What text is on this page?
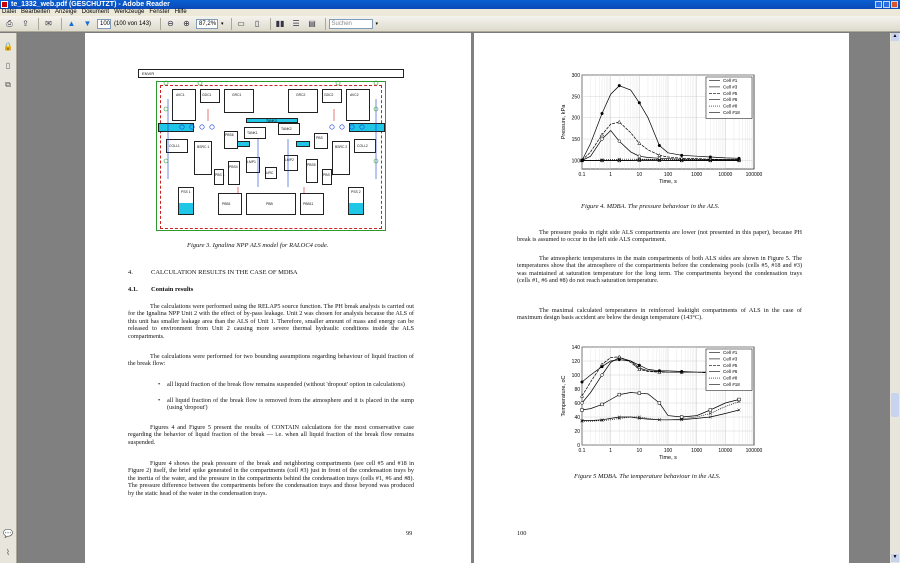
te_1332_web.pdf (GESCHÜTZT) - Adobe Reader
Datei Bearbeiten Anzeige Dokument Werkzeuge Fenster Hilfe
⎙	⇪	✉	▲	▼	100 (100 von 143)	⊖	⊕	87,2% ▾	▭	▯	▮▮	☰	▤	Suchen	▾
🔒
▯
⧉
💬
⌇
ENVIR
AVC1	GDC1	GRC1	GRC2	GDC2	AVC2
TANK3
TANK1
TANK2
COLL1	COLL2
BSRC 1	BSRC 2
PBS6
PBS4
PBS
PBS5
LMP1	LMP2
URC
PBS 1	PBS 2
PBB1	PBB	PBB11
PSS 1	PSS 2
Figure 3. Ignalina NPP ALS model for RALOC4 code.
4.	CALCULATION RESULTS IN THE CASE OF MDBA
4.1. Contain results
The calculations were performed using the RELAP5 source function. The PH break analysis is carried out for the Ignalina NPP Unit 2 with the effect of by-pass leakage. Unit 2 was chosen for analysis because the ALS of this unit has smaller leakage area than the ALS of Unit 1. Therefore, smaller amount of mass and energy can be released to environment from Unit 2 causing more severe thermal hydraulic conditions inside the ALS compartments.
The calculations were performed for two bounding assumptions regarding behaviour of liquid fraction of the break flow:
• all liquid fraction of the break flow remains suspended (without 'dropout' option in calculations)
• all liquid fraction of the break flow is removed from the atmosphere and it is placed in the sump (using 'dropout')
Figures 4 and Figure 5 present the results of CONTAIN calculations for the most conservative case regarding the behavior of liquid fraction of the break — i.e. when all liquid fraction of the break flow remains suspended.
Figure 4 shows the peak pressure of the break and neighboring compartments (see cell #5 and #18 in Figure 2) itself, the brief spike generated in the compartments (cell #3) just in front of the condensation trays by the inertia of the water, and the pressure in the compartments behind the condensation trays (cells #1, #6 and #8). The pressure difference between the compartments before the condensation trays and those beyond was produced by the static head of the water in the condensation trays.
99
100
150
200
250
300
0.1	1	10	100	1000	10000	100000
Time, s
Pressure, kPa
Cell #1
Cell #3
Cell #5
Cell #6
Cell #8
Cell #18
Figure 4. MDBA. The pressure behaviour in the ALS.
The pressure peaks in right side ALS compartments are lower (not presented in this paper), because PH break is assumed to occur in the left side ALS compartment.
The atmospheric temperatures in the main compartments of both ALS sides are shown in Figure 5. The temperatures show that the atmosphere of the compartments before the condensing pools (cells #5, #18 and #3) was maintained at saturation temperature for the long term. The compartments beyond the condensation trays (cells #1, #6 and #8) do not reach saturation temperature.
The maximal calculated temperatures in reinforced leaktight compartments of ALS in the case of maximum design basis accident are below the design temperature (143°C).
0
20
40
60
80
100
120
140
0.1	1	10	100	1000	10000	100000
Time, s
Temperature, oC
Cell #1
Cell #3
Cell #5
Cell #6
Cell #8
Cell #18
Figure 5 MDBA. The temperature behaviour in the ALS.
100
▲
▼
